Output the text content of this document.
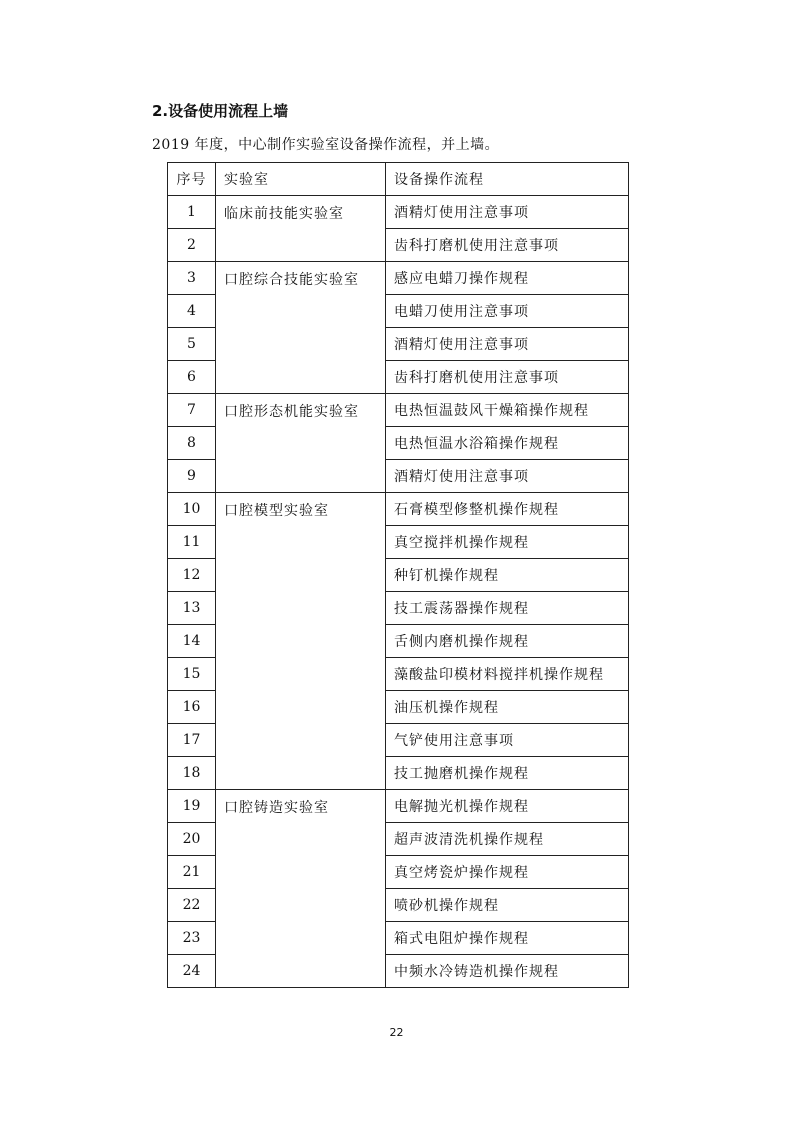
2.设备使用流程上墙

2019 年度，中心制作实验室设备操作流程，并上墙。

序号	实验室	设备操作流程
1	临床前技能实验室	酒精灯使用注意事项
2		齿科打磨机使用注意事项
3	口腔综合技能实验室	感应电蜡刀操作规程
4		电蜡刀使用注意事项
5		酒精灯使用注意事项
6		齿科打磨机使用注意事项
7	口腔形态机能实验室	电热恒温鼓风干燥箱操作规程
8		电热恒温水浴箱操作规程
9		酒精灯使用注意事项
10	口腔模型实验室	石膏模型修整机操作规程
11		真空搅拌机操作规程
12		种钉机操作规程
13		技工震荡器操作规程
14		舌侧内磨机操作规程
15		藻酸盐印模材料搅拌机操作规程
16		油压机操作规程
17		气铲使用注意事项
18		技工抛磨机操作规程
19	口腔铸造实验室	电解抛光机操作规程
20		超声波清洗机操作规程
21		真空烤瓷炉操作规程
22		喷砂机操作规程
23		箱式电阻炉操作规程
24		中频水冷铸造机操作规程

22
